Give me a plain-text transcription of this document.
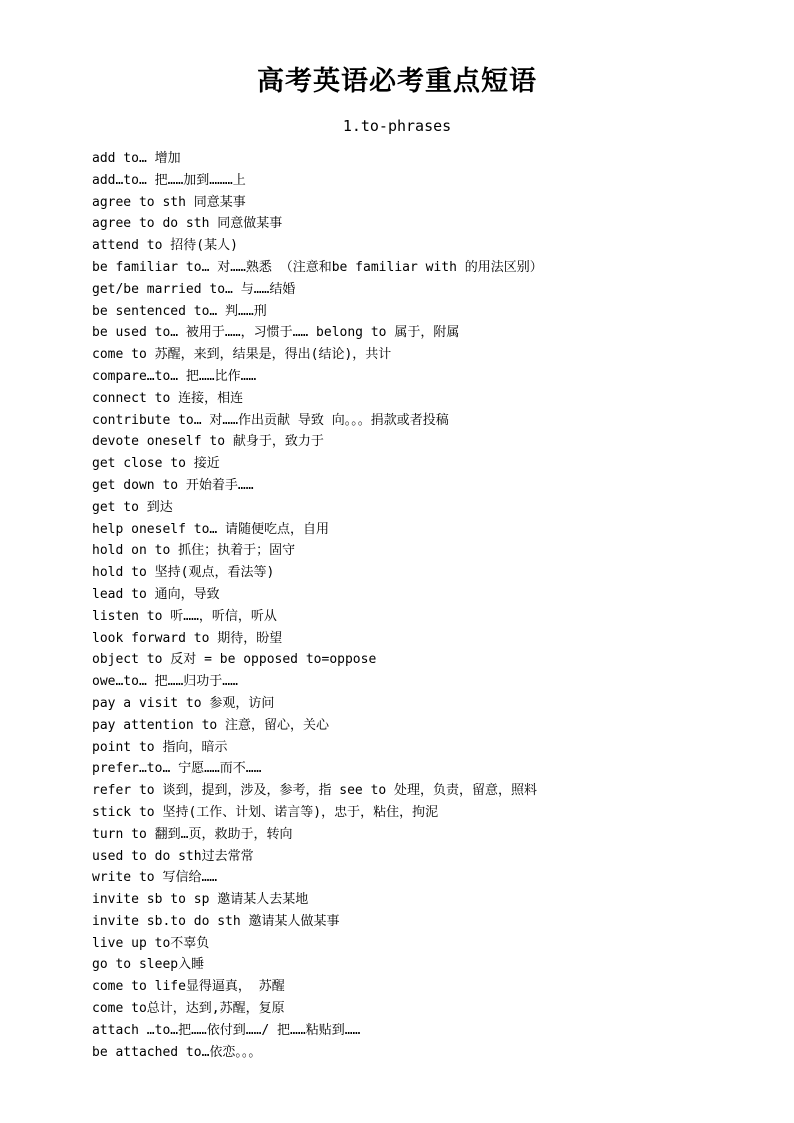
高考英语必考重点短语
1.to-phrases
add to… 增加
add…to… 把……加到………上
agree to sth 同意某事
agree to do sth 同意做某事
attend to 招待(某人)
be familiar to… 对……熟悉 （注意和be familiar with 的用法区别）
get/be married to… 与……结婚
be sentenced to… 判……刑
be used to… 被用于……，习惯于…… belong to 属于，附属
come to 苏醒，来到，结果是，得出(结论)，共计
compare…to… 把……比作……
connect to 连接，相连
contribute to… 对……作出贡献 导致 向。。。捐款或者投稿
devote oneself to 献身于，致力于
get close to 接近
get down to 开始着手……
get to 到达
help oneself to… 请随便吃点，自用
hold on to 抓住；执着于；固守
hold to 坚持(观点，看法等)
lead to 通向，导致
listen to 听……，听信，听从
look forward to 期待，盼望
object to 反对 = be opposed to=oppose
owe…to… 把……归功于……
pay a visit to 参观，访问
pay attention to 注意，留心，关心
point to 指向，暗示
prefer…to… 宁愿……而不……
refer to 谈到，提到，涉及，参考，指 see to 处理，负责，留意，照料
stick to 坚持(工作、计划、诺言等)，忠于，粘住，拘泥
turn to 翻到…页，救助于，转向
used to do sth过去常常
write to 写信给……
invite sb to sp 邀请某人去某地
invite sb.to do sth 邀请某人做某事
live up to不辜负
go to sleep入睡
come to life显得逼真， 苏醒
come to总计，达到,苏醒，复原
attach …to…把……依付到……/ 把……粘贴到……
be attached to…依恋。。。
